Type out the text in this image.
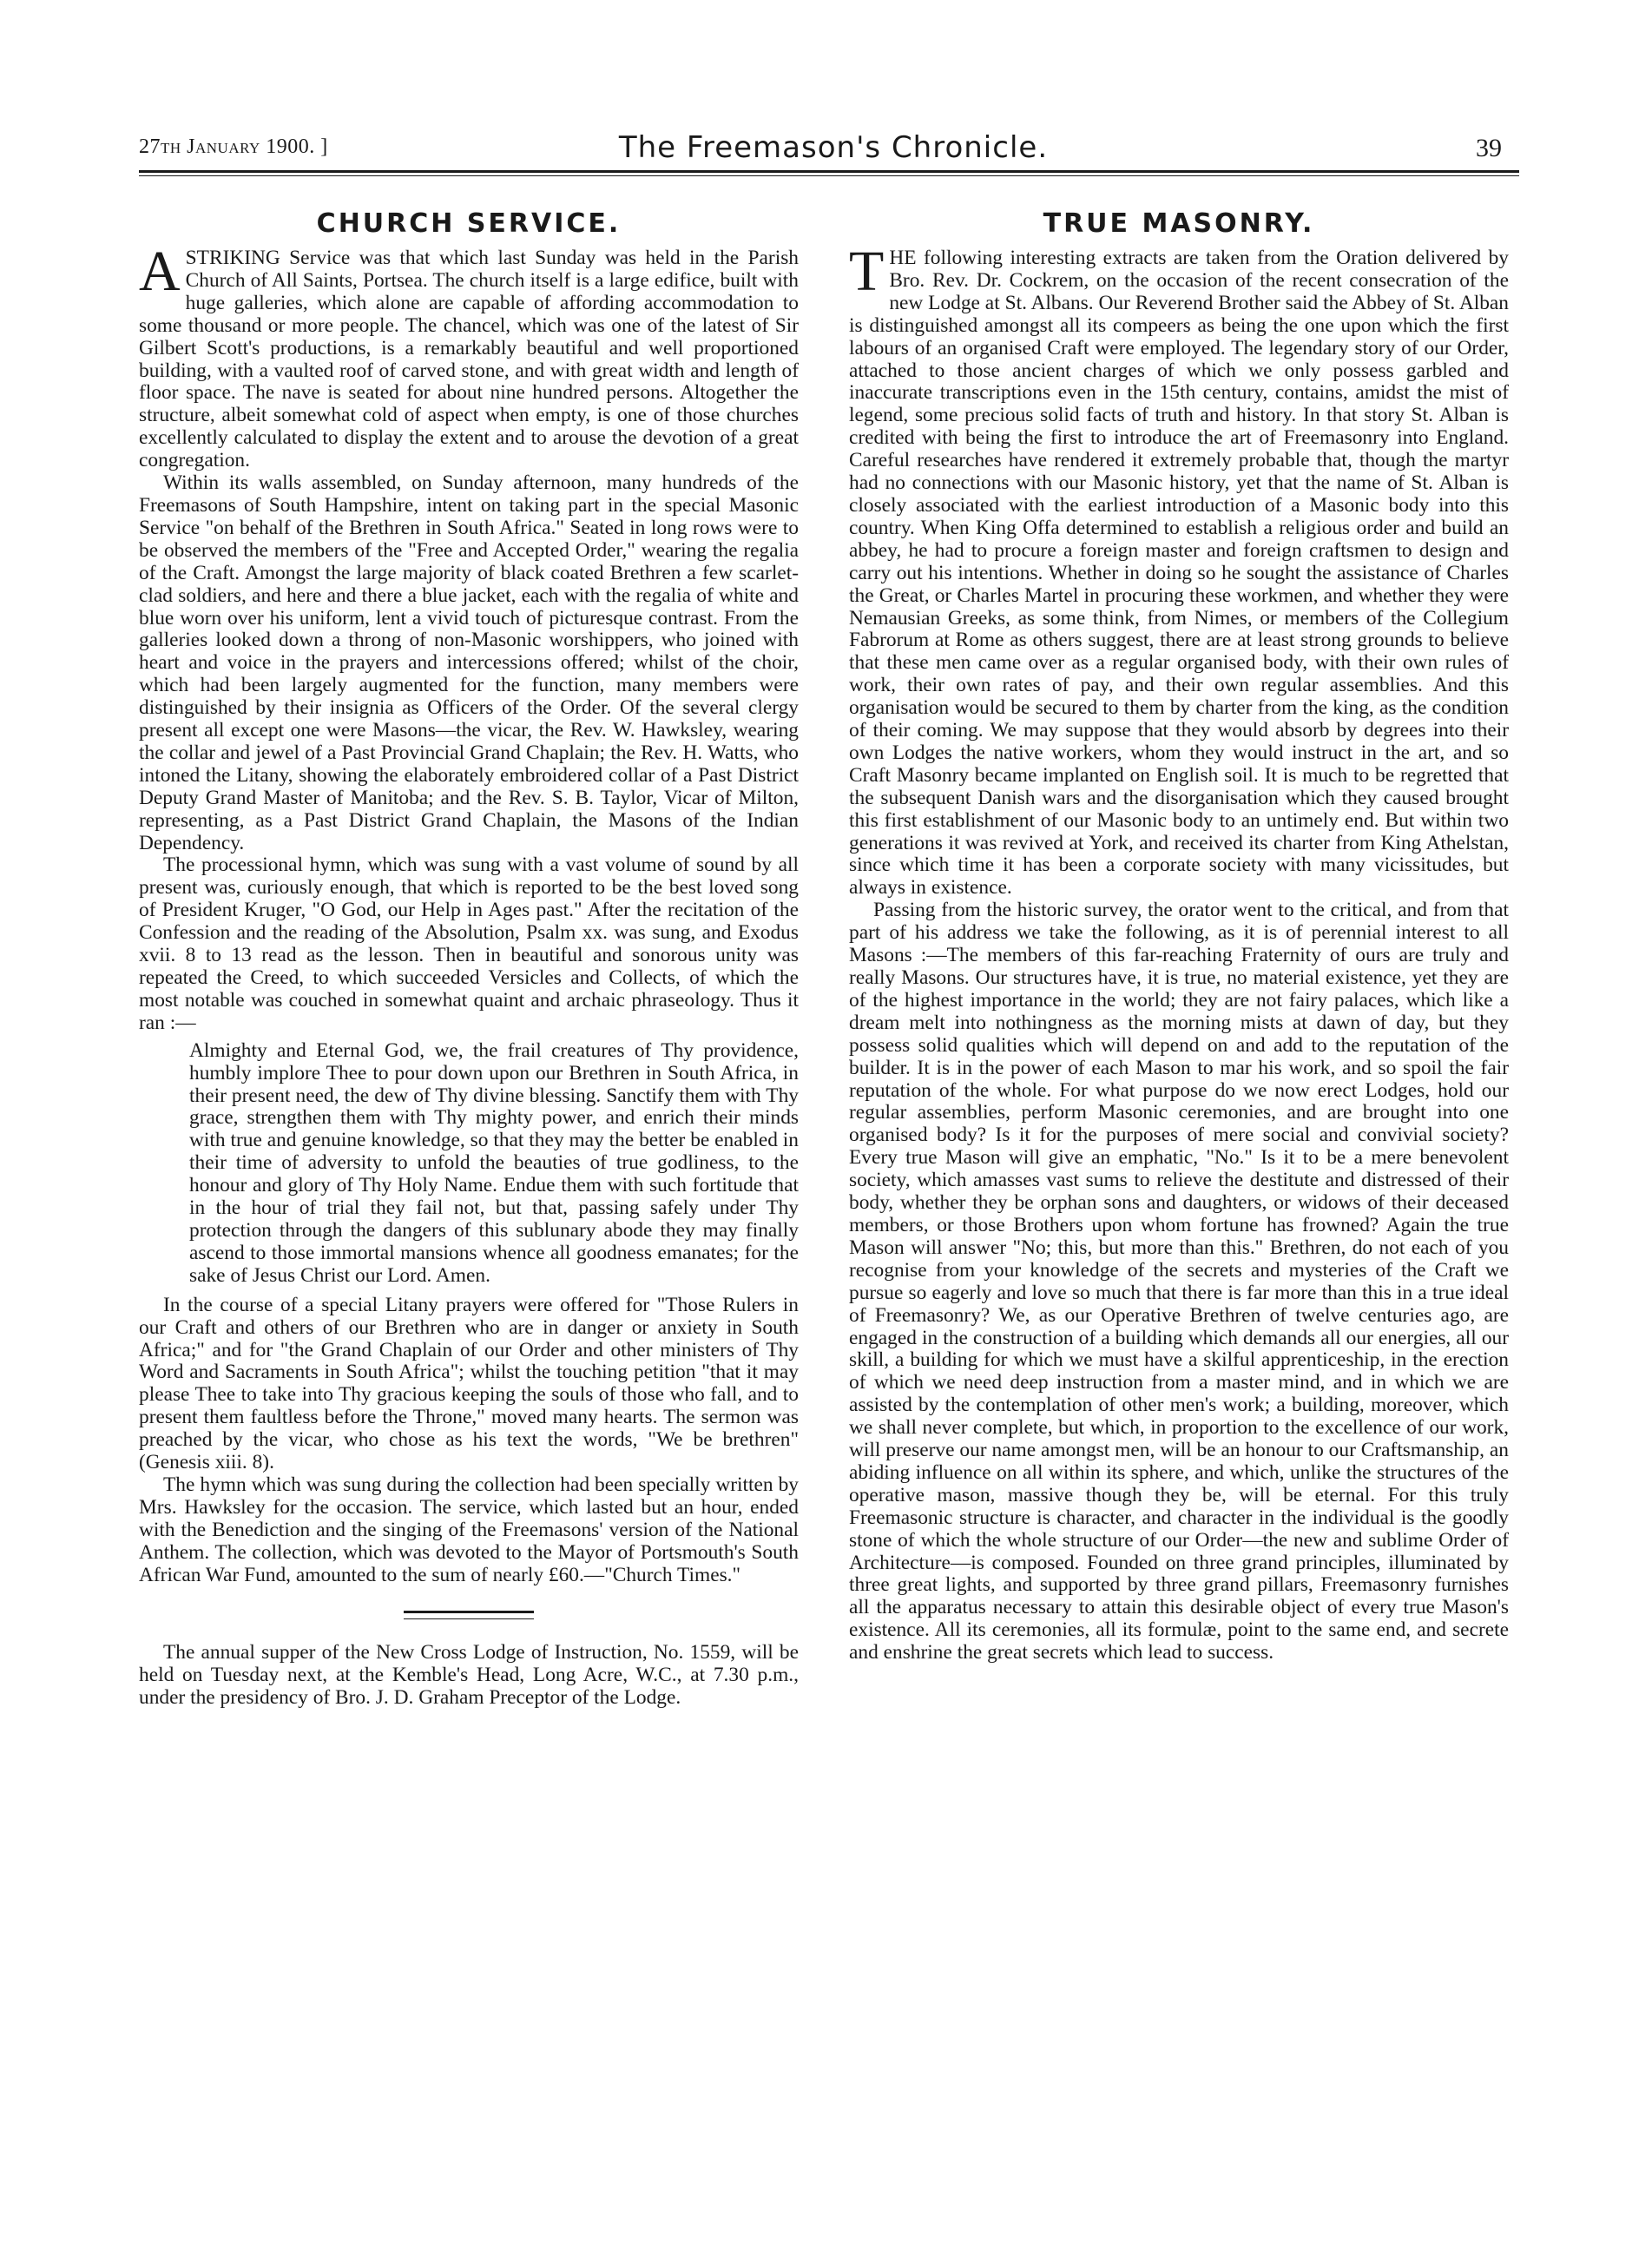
27th January 1900. ]	The Freemason's Chronicle.	39
CHURCH SERVICE.

ASTRIKING Service was that which last Sunday was held in the Parish Church of All Saints, Portsea. The church itself is a large edifice, built with huge galleries, which alone are capable of affording accommodation to some thousand or more people. The chancel, which was one of the latest of Sir Gilbert Scott's productions, is a remarkably beautiful and well proportioned building, with a vaulted roof of carved stone, and with great width and length of floor space. The nave is seated for about nine hundred persons. Altogether the structure, albeit somewhat cold of aspect when empty, is one of those churches excellently calculated to display the extent and to arouse the devotion of a great congregation.

Within its walls assembled, on Sunday afternoon, many hundreds of the Freemasons of South Hampshire, intent on taking part in the special Masonic Service "on behalf of the Brethren in South Africa." Seated in long rows were to be observed the members of the "Free and Accepted Order," wearing the regalia of the Craft. Amongst the large majority of black coated Brethren a few scarlet-clad soldiers, and here and there a blue jacket, each with the regalia of white and blue worn over his uniform, lent a vivid touch of picturesque contrast. From the galleries looked down a throng of non-Masonic worshippers, who joined with heart and voice in the prayers and intercessions offered; whilst of the choir, which had been largely augmented for the function, many members were distinguished by their insignia as Officers of the Order. Of the several clergy present all except one were Masons—the vicar, the Rev. W. Hawksley, wearing the collar and jewel of a Past Provincial Grand Chaplain; the Rev. H. Watts, who intoned the Litany, showing the elaborately embroidered collar of a Past District Deputy Grand Master of Manitoba; and the Rev. S. B. Taylor, Vicar of Milton, representing, as a Past District Grand Chaplain, the Masons of the Indian Dependency.

The processional hymn, which was sung with a vast volume of sound by all present was, curiously enough, that which is reported to be the best loved song of President Kruger, "O God, our Help in Ages past." After the recitation of the Confession and the reading of the Absolution, Psalm xx. was sung, and Exodus xvii. 8 to 13 read as the lesson. Then in beautiful and sonorous unity was repeated the Creed, to which succeeded Versicles and Collects, of which the most notable was couched in somewhat quaint and archaic phraseology. Thus it ran :—

Almighty and Eternal God, we, the frail creatures of Thy providence, humbly implore Thee to pour down upon our Brethren in South Africa, in their present need, the dew of Thy divine blessing. Sanctify them with Thy grace, strengthen them with Thy mighty power, and enrich their minds with true and genuine knowledge, so that they may the better be enabled in their time of adversity to unfold the beauties of true godliness, to the honour and glory of Thy Holy Name. Endue them with such fortitude that in the hour of trial they fail not, but that, passing safely under Thy protection through the dangers of this sublunary abode they may finally ascend to those immortal mansions whence all goodness emanates; for the sake of Jesus Christ our Lord. Amen.

In the course of a special Litany prayers were offered for "Those Rulers in our Craft and others of our Brethren who are in danger or anxiety in South Africa;" and for "the Grand Chaplain of our Order and other ministers of Thy Word and Sacraments in South Africa"; whilst the touching petition "that it may please Thee to take into Thy gracious keeping the souls of those who fall, and to present them faultless before the Throne," moved many hearts. The sermon was preached by the vicar, who chose as his text the words, "We be brethren" (Genesis xiii. 8).

The hymn which was sung during the collection had been specially written by Mrs. Hawksley for the occasion. The service, which lasted but an hour, ended with the Benediction and the singing of the Freemasons' version of the National Anthem. The collection, which was devoted to the Mayor of Portsmouth's South African War Fund, amounted to the sum of nearly £60.—"Church Times."

The annual supper of the New Cross Lodge of Instruction, No. 1559, will be held on Tuesday next, at the Kemble's Head, Long Acre, W.C., at 7.30 p.m., under the presidency of Bro. J. D. Graham Preceptor of the Lodge.

TRUE MASONRY.

THE following interesting extracts are taken from the Oration delivered by Bro. Rev. Dr. Cockrem, on the occasion of the recent consecration of the new Lodge at St. Albans. Our Reverend Brother said the Abbey of St. Alban is distinguished amongst all its compeers as being the one upon which the first labours of an organised Craft were employed. The legendary story of our Order, attached to those ancient charges of which we only possess garbled and inaccurate transcriptions even in the 15th century, contains, amidst the mist of legend, some precious solid facts of truth and history. In that story St. Alban is credited with being the first to introduce the art of Freemasonry into England. Careful researches have rendered it extremely probable that, though the martyr had no connections with our Masonic history, yet that the name of St. Alban is closely associated with the earliest introduction of a Masonic body into this country. When King Offa determined to establish a religious order and build an abbey, he had to procure a foreign master and foreign craftsmen to design and carry out his intentions. Whether in doing so he sought the assistance of Charles the Great, or Charles Martel in procuring these workmen, and whether they were Nemausian Greeks, as some think, from Nimes, or members of the Collegium Fabrorum at Rome as others suggest, there are at least strong grounds to believe that these men came over as a regular organised body, with their own rules of work, their own rates of pay, and their own regular assemblies. And this organisation would be secured to them by charter from the king, as the condition of their coming. We may suppose that they would absorb by degrees into their own Lodges the native workers, whom they would instruct in the art, and so Craft Masonry became implanted on English soil. It is much to be regretted that the subsequent Danish wars and the disorganisation which they caused brought this first establishment of our Masonic body to an untimely end. But within two generations it was revived at York, and received its charter from King Athelstan, since which time it has been a corporate society with many vicissitudes, but always in existence.

Passing from the historic survey, the orator went to the critical, and from that part of his address we take the following, as it is of perennial interest to all Masons :—The members of this far-reaching Fraternity of ours are truly and really Masons. Our structures have, it is true, no material existence, yet they are of the highest importance in the world; they are not fairy palaces, which like a dream melt into nothingness as the morning mists at dawn of day, but they possess solid qualities which will depend on and add to the reputation of the builder. It is in the power of each Mason to mar his work, and so spoil the fair reputation of the whole. For what purpose do we now erect Lodges, hold our regular assemblies, perform Masonic ceremonies, and are brought into one organised body? Is it for the purposes of mere social and convivial society? Every true Mason will give an emphatic, "No." Is it to be a mere benevolent society, which amasses vast sums to relieve the destitute and distressed of their body, whether they be orphan sons and daughters, or widows of their deceased members, or those Brothers upon whom fortune has frowned? Again the true Mason will answer "No; this, but more than this." Brethren, do not each of you recognise from your knowledge of the secrets and mysteries of the Craft we pursue so eagerly and love so much that there is far more than this in a true ideal of Freemasonry? We, as our Operative Brethren of twelve centuries ago, are engaged in the construction of a building which demands all our energies, all our skill, a building for which we must have a skilful apprenticeship, in the erection of which we need deep instruction from a master mind, and in which we are assisted by the contemplation of other men's work; a building, moreover, which we shall never complete, but which, in proportion to the excellence of our work, will preserve our name amongst men, will be an honour to our Craftsmanship, an abiding influence on all within its sphere, and which, unlike the structures of the operative mason, massive though they be, will be eternal. For this truly Freemasonic structure is character, and character in the individual is the goodly stone of which the whole structure of our Order—the new and sublime Order of Architecture—is composed. Founded on three grand principles, illuminated by three great lights, and supported by three grand pillars, Freemasonry furnishes all the apparatus necessary to attain this desirable object of every true Mason's existence. All its ceremonies, all its formulæ, point to the same end, and secrete and enshrine the great secrets which lead to success.
